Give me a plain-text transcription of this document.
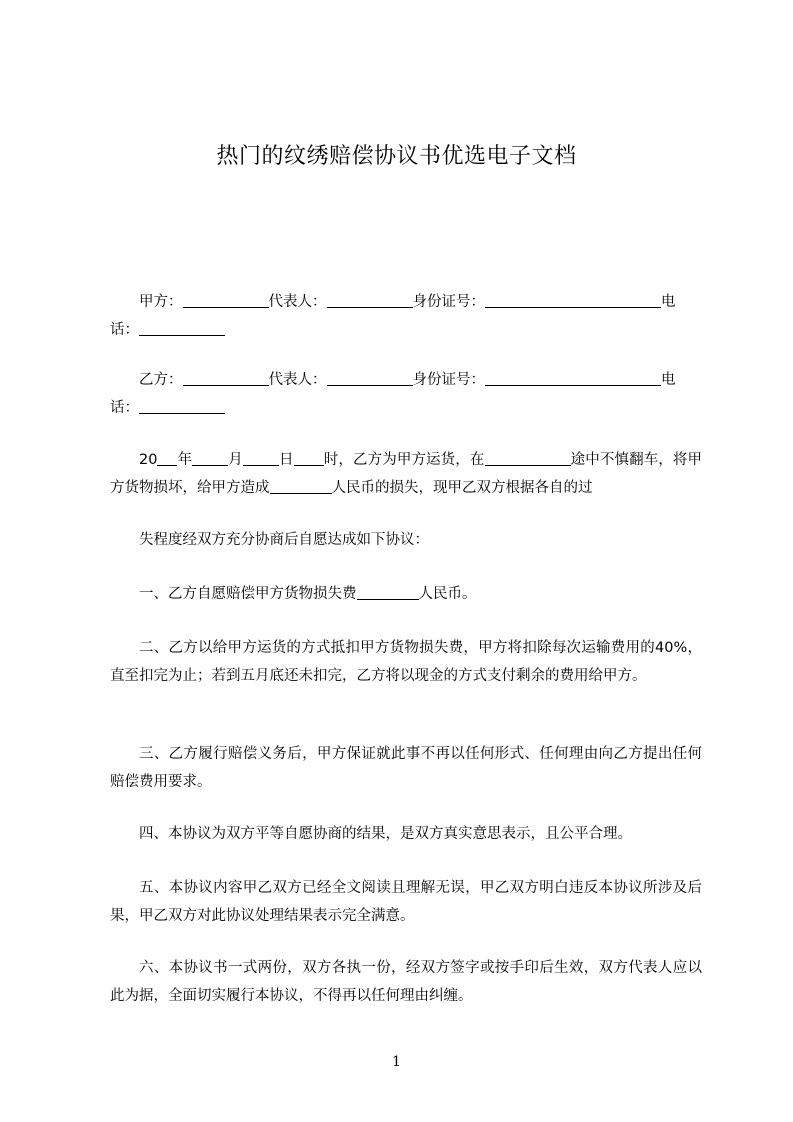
热门的纹绣赔偿协议书优选电子文档
甲方：	代表人：	身份证号：	电
话：
乙方：	代表人：	身份证号：	电
话：
20 年 月 日 时，乙方为甲方运货，在	途中不慎翻车，将甲方货物损坏，给甲方造成	人民币的损失，现甲乙双方根据各自的过
失程度经双方充分协商后自愿达成如下协议：
一、乙方自愿赔偿甲方货物损失费	人民币。
二、乙方以给甲方运货的方式抵扣甲方货物损失费，甲方将扣除每次运输费用的40%，直至扣完为止；若到五月底还未扣完，乙方将以现金的方式支付剩余的费用给甲方。
三、乙方履行赔偿义务后，甲方保证就此事不再以任何形式、任何理由向乙方提出任何赔偿费用要求。
四、本协议为双方平等自愿协商的结果，是双方真实意思表示，且公平合理。
五、本协议内容甲乙双方已经全文阅读且理解无误，甲乙双方明白违反本协议所涉及后果，甲乙双方对此协议处理结果表示完全满意。
六、本协议书一式两份，双方各执一份，经双方签字或按手印后生效，双方代表人应以此为据，全面切实履行本协议，不得再以任何理由纠缠。
1
